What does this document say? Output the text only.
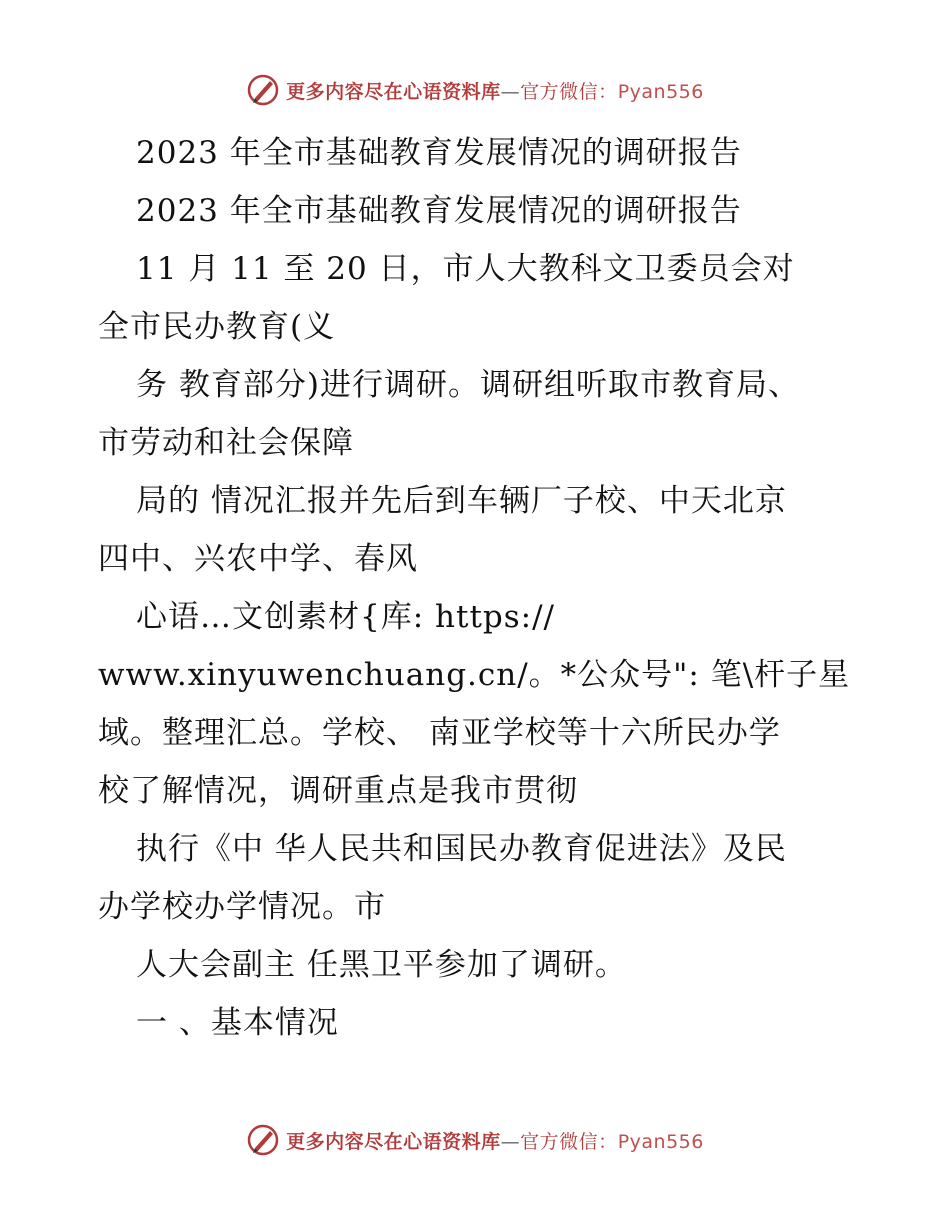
更多内容尽在心语资料库—官方微信：Pyan556
2023 年全市基础教育发展情况的调研报告
2023 年全市基础教育发展情况的调研报告
11 月 11 至 20 日，市人大教科文卫委员会对
全市民办教育(义
务 教育部分)进行调研。调研组听取市教育局、
市劳动和社会保障
局的 情况汇报并先后到车辆厂子校、中天北京
四中、兴农中学、春风
心语…文创素材{库: https://
www.xinyuwenchuang.cn/。*公众号": 笔\杆子星
域。整理汇总。学校、 南亚学校等十六所民办学
校了解情况，调研重点是我市贯彻
执行《中 华人民共和国民办教育促进法》及民
办学校办学情况。市
人大会副主 任黑卫平参加了调研。
一 、基本情况
更多内容尽在心语资料库—官方微信：Pyan556
